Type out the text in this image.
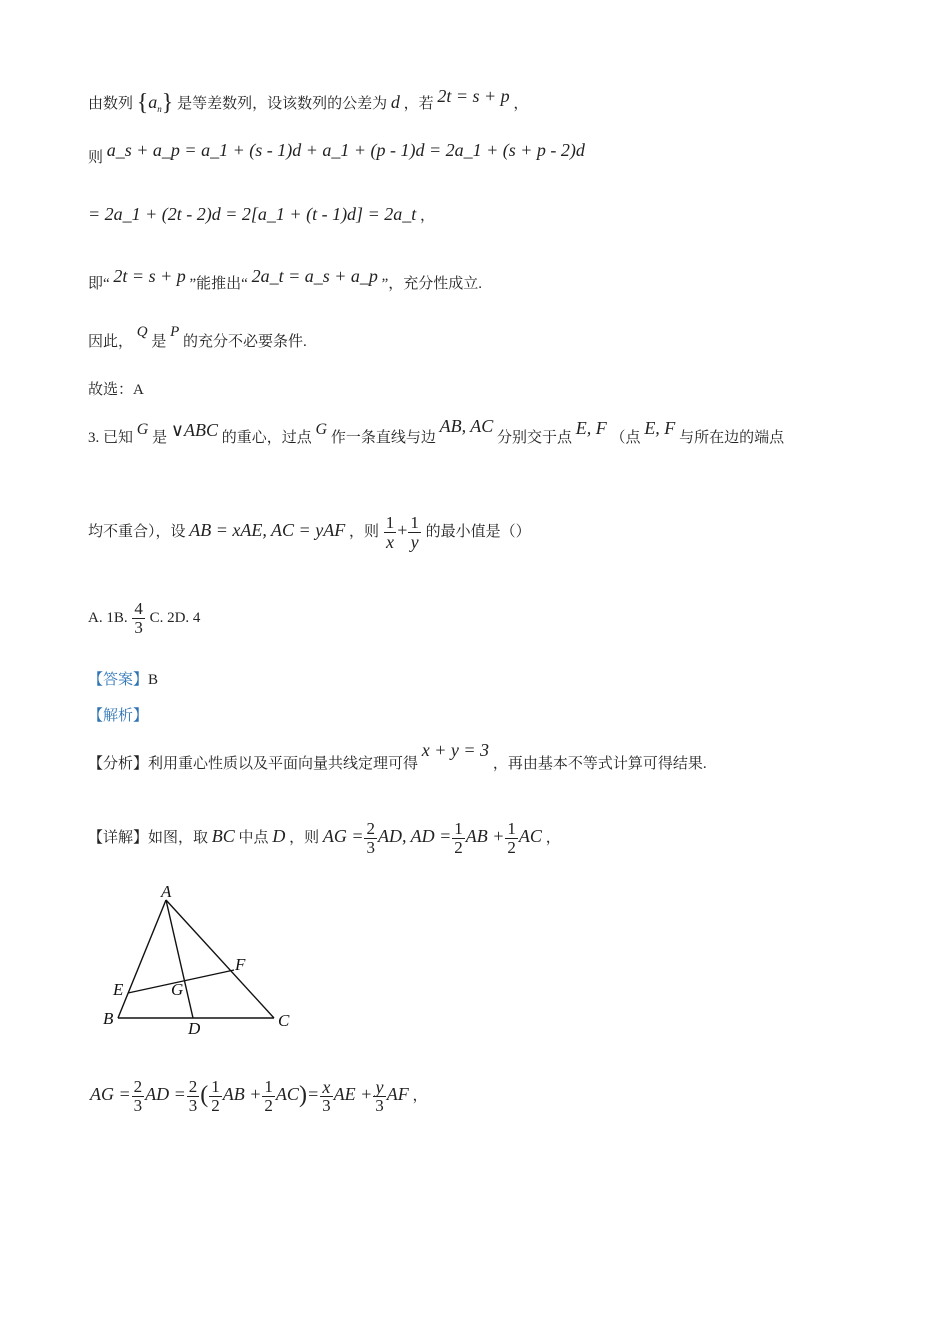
由数列 $\{a_n\}$ 是等差数列，设该数列的公差为 d ，若 2t = s + p ，
则 a_s + a_p = a_1 + (s - 1)d + a_1 + (p - 1)d = 2a_1 + (s + p - 2)d
= 2a_1 + (2t - 2)d = 2[a_1 + (t - 1)d] = 2a_t ，
即“ 2t = s + p ”能推出“ 2a_t = a_s + a_p ”，充分性成立.
因此， Q 是 P 的充分不必要条件.
故选：A
3. 已知 G 是 ∨ABC 的重心，过点 G 作一条直线与边 AB, AC 分别交于点 E, F （点 E, F 与所在边的端点
均不重合），设 AB = xAE, AC = yAF ，则 $\frac{1}{x} + \frac{1}{y}$ 的最小值是（）
A. 1B. $\frac{4}{3} C$. 2D. 4
【答案】B
【解析】
【分析】利用重心性质以及平面向量共线定理可得 x + y = 3 ，再由基本不等式计算可得结果.
【详解】如图，取 BC 中点 D ，则 AG = $\frac{2}{3}$ AD, AD = $\frac{1}{2}$ AB + $\frac{1}{2}$ AC ，
A
B	C
D
E
F
G
AG = $\frac{2}{3}$ AD = $\frac{2}{3}$ ( $\frac{1}{2}$ AB + $\frac{1}{2} AC)= \frac{x}{3}$ AE + $\frac{y}{3}$ AF ，
